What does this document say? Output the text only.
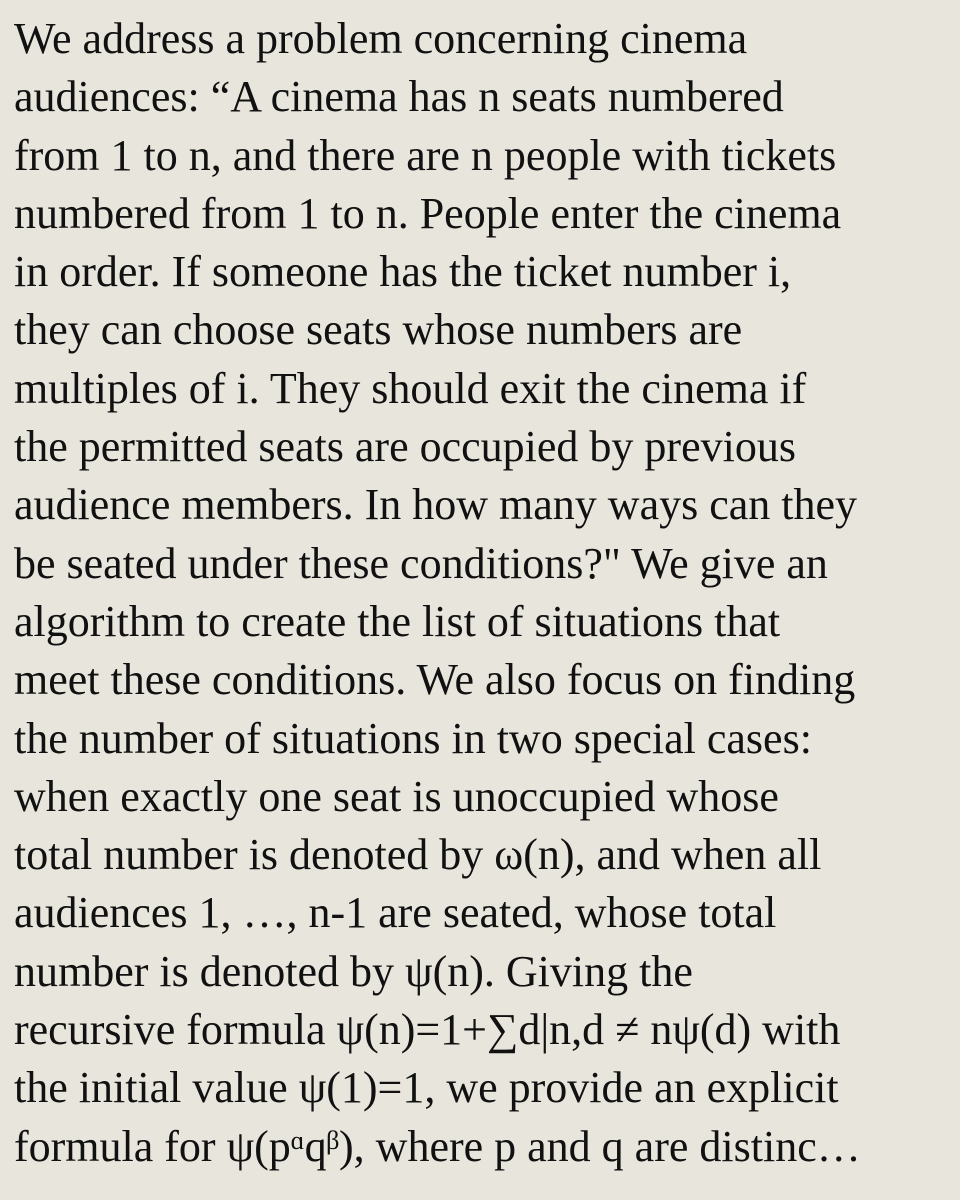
We address a problem concerning cinema
audiences: “A cinema has n seats numbered
from 1 to n, and there are n people with tickets
numbered from 1 to n. People enter the cinema
in order. If someone has the ticket number i,
they can choose seats whose numbers are
multiples of i. They should exit the cinema if
the permitted seats are occupied by previous
audience members. In how many ways can they
be seated under these conditions?" We give an
algorithm to create the list of situations that
meet these conditions. We also focus on finding
the number of situations in two special cases:
when exactly one seat is unoccupied whose
total number is denoted by ω(n), and when all
audiences 1, …, n-1 are seated, whose total
number is denoted by ψ(n). Giving the
recursive formula ψ(n)=1+∑d|n,d ≠ nψ(d) with
the initial value ψ(1)=1, we provide an explicit
formula for ψ(pᵅqᵝ), where p and q are distinc…
